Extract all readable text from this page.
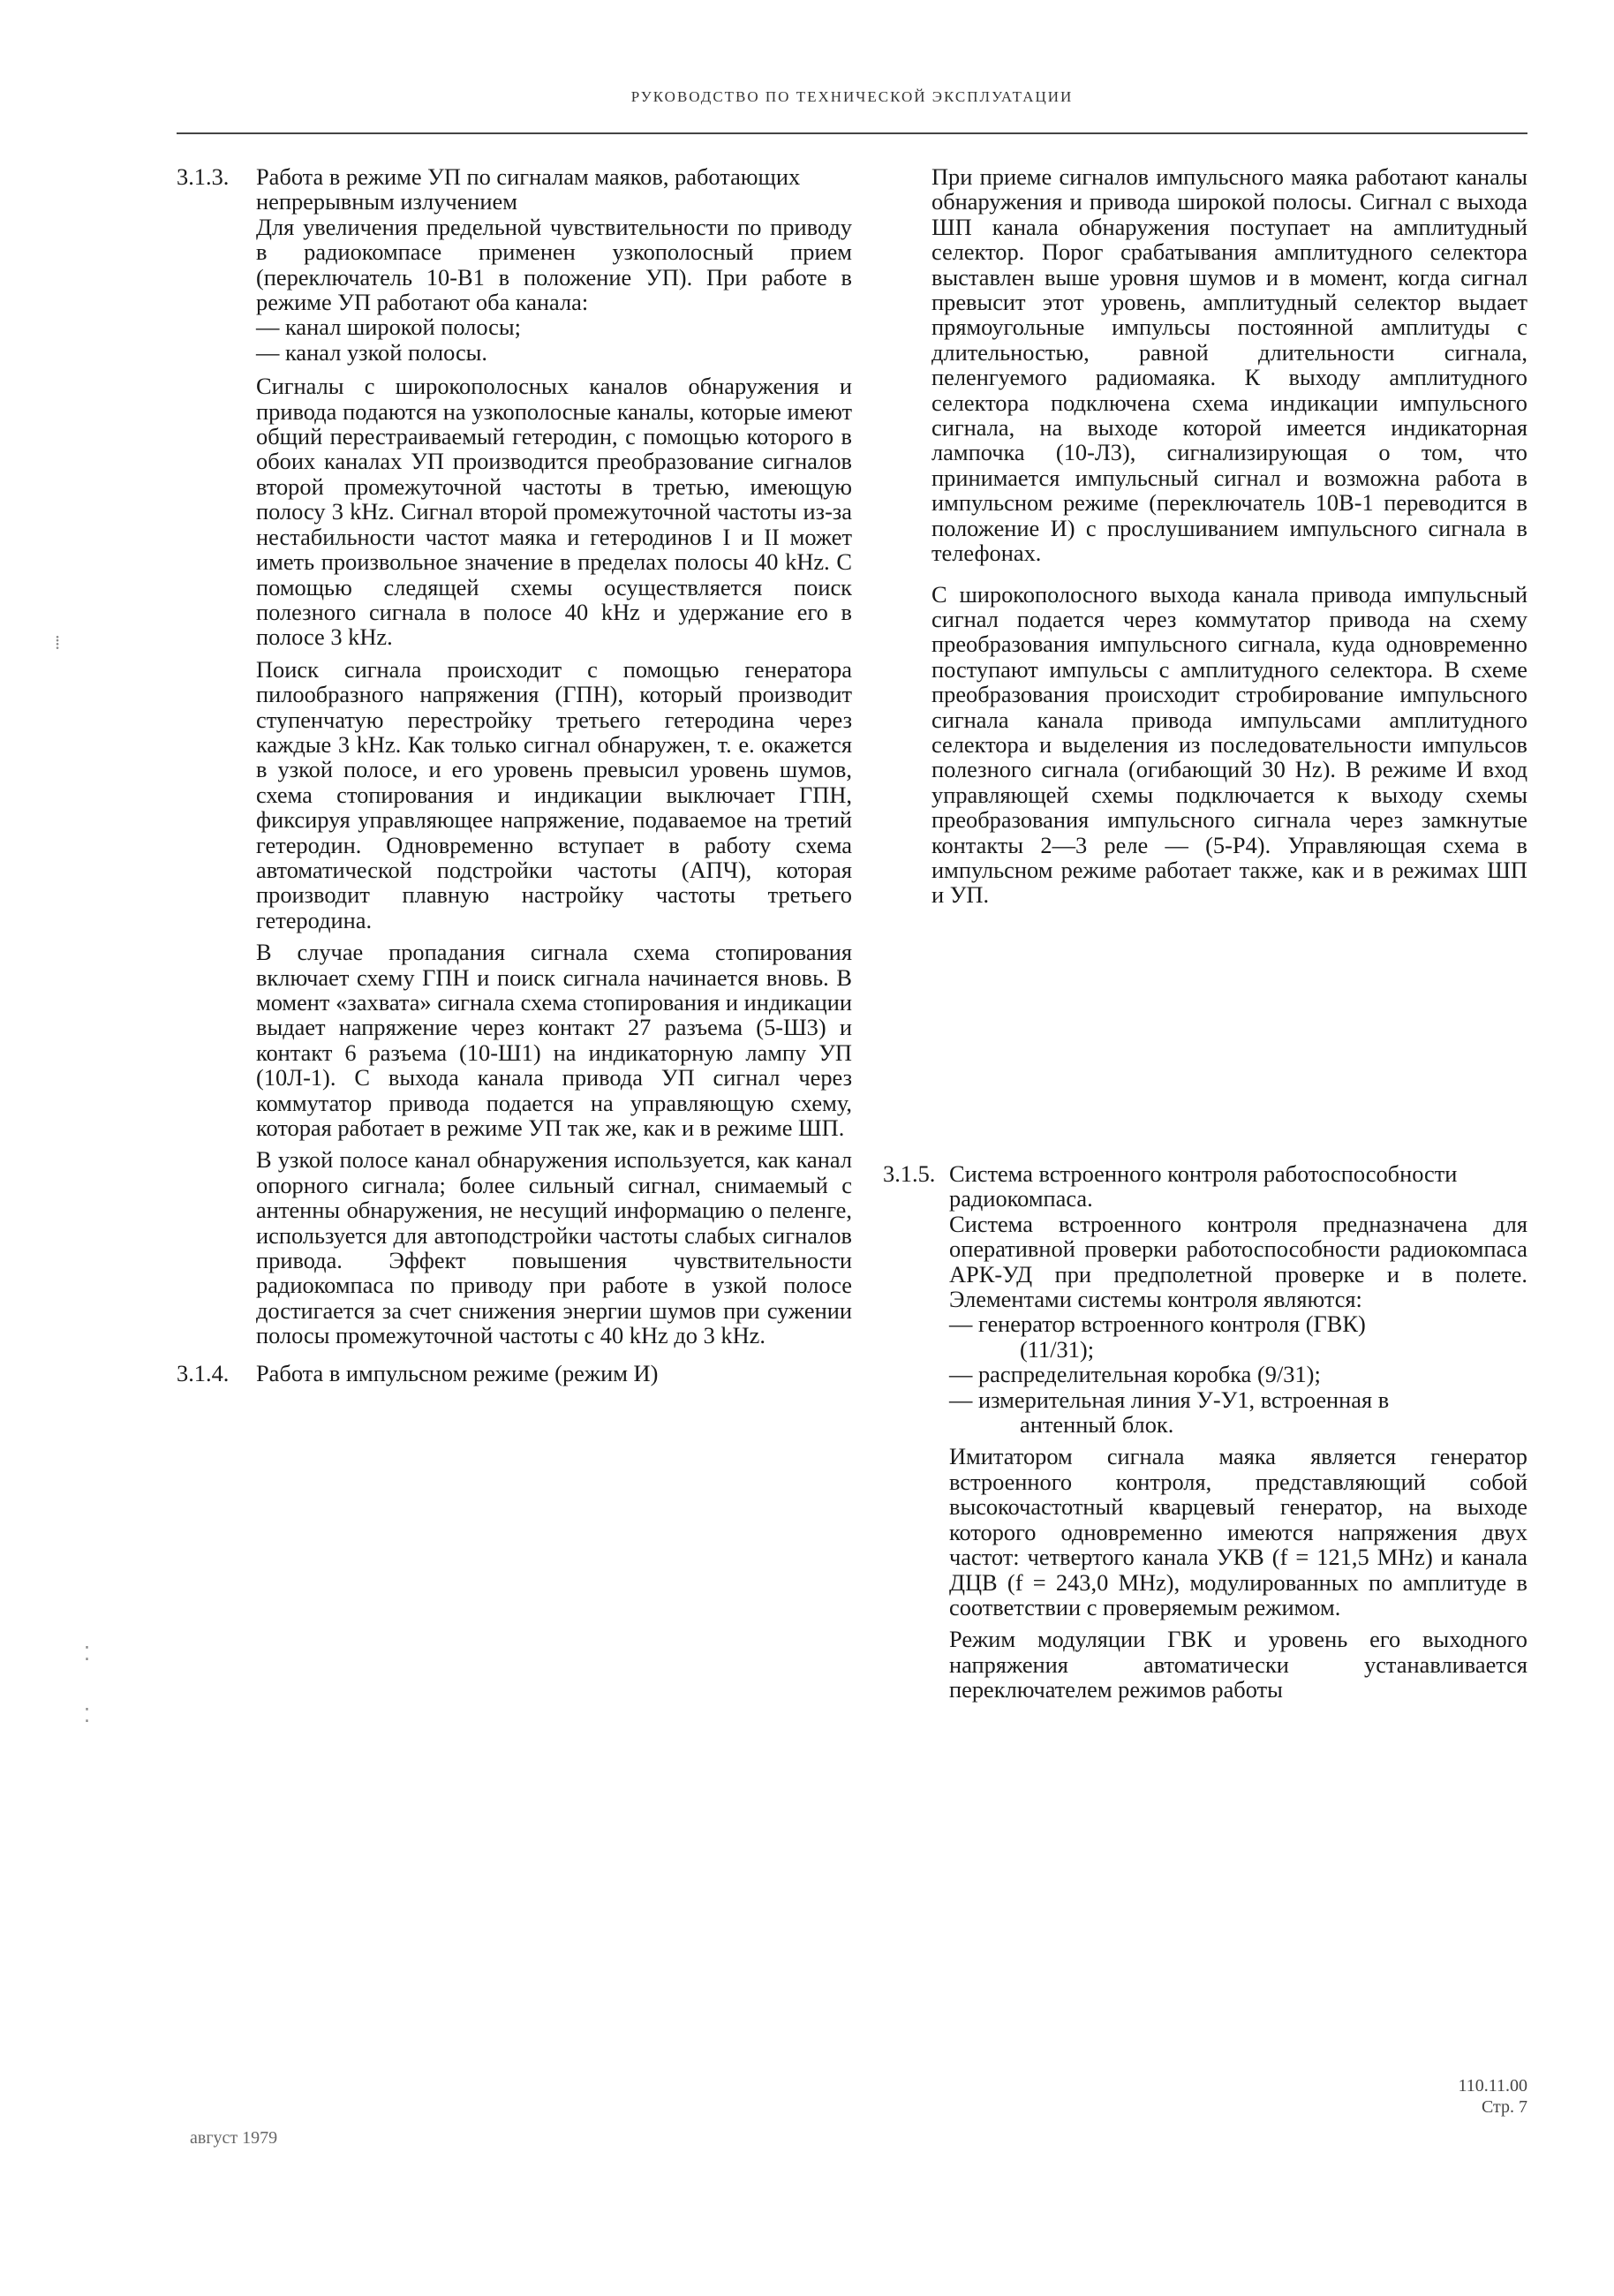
РУКОВОДСТВО ПО ТЕХНИЧЕСКОЙ ЭКСПЛУАТАЦИИ
⁞
⁚
⁚
3.1.3.	Работа в режиме УП по сигналам маяков, работающих непрерывным излучением

Для увеличения предельной чувствительности по приводу в радиокомпасе применен узкополосный прием (переключатель 10-В1 в положение УП). При работе в режиме УП работают оба канала:

— канал широкой полосы;
— канал узкой полосы.

Сигналы с широкополосных каналов обнаружения и привода подаются на узкополосные каналы, которые имеют общий перестраиваемый гетеродин, с помощью которого в обоих каналах УП производится преобразование сигналов второй промежуточной частоты в третью, имеющую полосу 3 kHz. Сигнал второй промежуточной частоты из-за нестабильности частот маяка и гетеродинов I и II может иметь произвольное значение в пределах полосы 40 kHz. С помощью следящей схемы осуществляется поиск полезного сигнала в полосе 40 kHz и удержание его в полосе 3 kHz.

Поиск сигнала происходит с помощью генератора пилообразного напряжения (ГПН), который производит ступенчатую перестройку третьего гетеродина через каждые 3 kHz. Как только сигнал обнаружен, т. е. окажется в узкой полосе, и его уровень превысил уровень шумов, схема стопирования и индикации выключает ГПН, фиксируя управляющее напряжение, подаваемое на третий гетеродин. Одновременно вступает в работу схема автоматической подстройки частоты (АПЧ), которая производит плавную настройку частоты третьего гетеродина.

В случае пропадания сигнала схема стопирования включает схему ГПН и поиск сигнала начинается вновь. В момент «захвата» сигнала схема стопирования и индикации выдает напряжение через контакт 27 разъема (5-Ш3) и контакт 6 разъема (10-Ш1) на индикаторную лампу УП (10Л-1). С выхода канала привода УП сигнал через коммутатор привода подается на управляющую схему, которая работает в режиме УП так же, как и в режиме ШП.

В узкой полосе канал обнаружения используется, как канал опорного сигнала; более сильный сигнал, снимаемый с антенны обнаружения, не несущий информацию о пеленге, используется для автоподстройки частоты слабых сигналов привода. Эффект повышения чувствительности радиокомпаса по приводу при работе в узкой полосе достигается за счет снижения энергии шумов при сужении полосы промежуточной частоты с 40 kHz до 3 kHz.

3.1.4.	Работа в импульсном режиме (режим И)

При приеме сигналов импульсного маяка работают каналы обнаружения и привода широкой полосы. Сигнал с выхода ШП канала обнаружения поступает на амплитудный селектор. Порог срабатывания амплитудного селектора выставлен выше уровня шумов и в момент, когда сигнал превысит этот уровень, амплитудный селектор выдает прямоугольные импульсы постоянной амплитуды с длительностью, равной длительности сигнала, пеленгуемого радиомаяка. К выходу амплитудного селектора подключена схема индикации импульсного сигнала, на выходе которой имеется индикаторная лампочка (10-Л3), сигнализирующая о том, что принимается импульсный сигнал и возможна работа в импульсном режиме (переключатель 10В-1 переводится в положение И) с прослушиванием импульсного сигнала в телефонах.

С широкополосного выхода канала привода импульсный сигнал подается через коммутатор привода на схему преобразования импульсного сигнала, куда одновременно поступают импульсы с амплитудного селектора. В схеме преобразования происходит стробирование импульсного сигнала канала привода импульсами амплитудного селектора и выделения из последовательности импульсов полезного сигнала (огибающий 30 Hz). В режиме И вход управляющей схемы подключается к выходу схемы преобразования импульсного сигнала через замкнутые контакты 2—3 реле — (5-Р4). Управляющая схема в импульсном режиме работает также, как и в режимах ШП и УП.

3.1.5. Система встроенного контроля работоспособности радиокомпаса.

Система встроенного контроля предназначена для оперативной проверки работоспособности радиокомпаса АРК-УД при предполетной проверке и в полете. Элементами системы контроля являются:

— генератор встроенного контроля (ГВК)
(11/31);
— распределительная коробка (9/31);
— измерительная линия У-У1, встроенная в
антенный блок.

Имитатором сигнала маяка является генератор встроенного контроля, представляющий собой высокочастотный кварцевый генератор, на выходе которого одновременно имеются напряжения двух частот: четвертого канала УКВ (f = 121,5 MHz) и канала ДЦВ (f = 243,0 MHz), модулированных по амплитуде в соответствии с проверяемым режимом.

Режим модуляции ГВК и уровень его выходного напряжения автоматически устанавливается переключателем режимов работы

110.11.00
Стр. 7
август 1979
